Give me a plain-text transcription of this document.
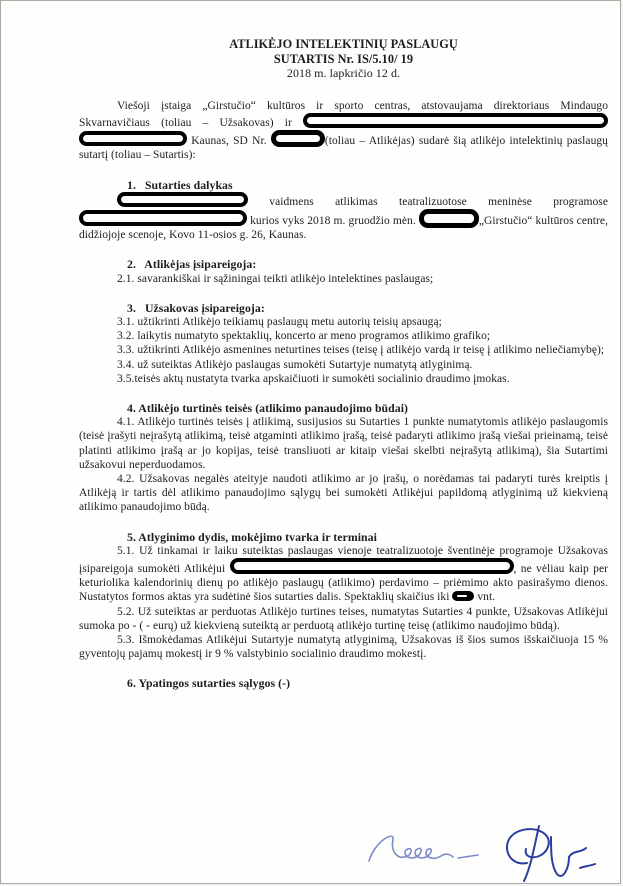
ATLIKĖJO INTELEKTINIŲ PASLAUGŲ
SUTARTIS Nr. IS/5.10/ 19
2018 m. lapkričio 12 d.

Viešoji įstaiga „Girstučio“ kultūros ir sporto centras, atstovaujama direktoriaus Mindaugo Skvarnavičiaus (toliau – Užsakovas) ir   Kaunas, SD Nr.	(toliau – Atlikėjas) sudarė šią atlikėjo intelektinių paslaugų sutartį (toliau – Sutartis):

1.   Sutarties dalykas

vaidmens atlikimas teatralizuotose meninėse programose  kurios vyks 2018 m. gruodžio mėn.	„Girstučio“ kultūros centre, didžiojoje scenoje, Kovo 11-osios g. 26, Kaunas.

2.   Atlikėjas įsipareigoja:

2.1. savarankiškai ir sąžiningai teikti atlikėjo intelektines paslaugas;

3.   Užsakovas įsipareigoja:

3.1. užtikrinti Atlikėjo teikiamų paslaugų metu autorių teisių apsaugą;

3.2. laikytis numatyto spektaklių, koncerto ar meno programos atlikimo grafiko;

3.3. užtikrinti Atlikėjo asmenines neturtines teises (teisę į atlikėjo vardą ir teisę į atlikimo neliečiamybę);

3.4. už suteiktas Atlikėjo paslaugas sumokėti Sutartyje numatytą atlyginimą.

3.5.teisės aktų nustatyta tvarka apskaičiuoti ir sumokėti socialinio draudimo įmokas.

4. Atlikėjo turtinės teisės (atlikimo panaudojimo būdai)

4.1. Atlikėjo turtinės teisės į atlikimą, susijusios su Sutarties 1 punkte numatytomis atlikėjo paslaugomis (teisė įrašyti neįrašytą atlikimą, teisė atgaminti atlikimo įrašą, teisė padaryti atlikimo įrašą viešai prieinamą, teisė platinti atlikimo įrašą ar jo kopijas, teisė transliuoti ar kitaip viešai skelbti neįrašytą atlikimą), šia Sutartimi užsakovui neperduodamos.

4.2. Užsakovas negalės ateityje naudoti atlikimo ar jo įrašų, o norėdamas tai padaryti turės kreiptis į Atlikėją ir tartis dėl atlikimo panaudojimo sąlygų bei sumokėti Atlikėjui papildomą atlyginimą už kiekvieną atlikimo panaudojimo būdą.

5. Atlyginimo dydis, mokėjimo tvarka ir terminai

5.1. Už tinkamai ir laiku suteiktas paslaugas vienoje teatralizuotoje šventinėje programoje Užsakovas įsipareigoja sumokėti Atlikėjui	, ne vėliau kaip per keturiolika kalendorinių dienų po atlikėjo paslaugų (atlikimo) perdavimo – priėmimo akto pasirašymo dienos. Nustatytos formos aktas yra sudėtinė šios sutarties dalis. Spektaklių skaičius iki vnt.

5.2. Už suteiktas ar perduotas Atlikėjo turtines teises, numatytas Sutarties 4 punkte, Užsakovas Atlikėjui sumoka po - ( - eurų) už kiekvieną suteiktą ar perduotą atlikėjo turtinę teisę (atlikimo naudojimo būdą).

5.3. Išmokėdamas Atlikėjui Sutartyje numatytą atlyginimą, Užsakovas iš šios sumos išskaičiuoja 15 % gyventojų pajamų mokestį ir 9 % valstybinio socialinio draudimo mokestį.

6. Ypatingos sutarties sąlygos (-)
